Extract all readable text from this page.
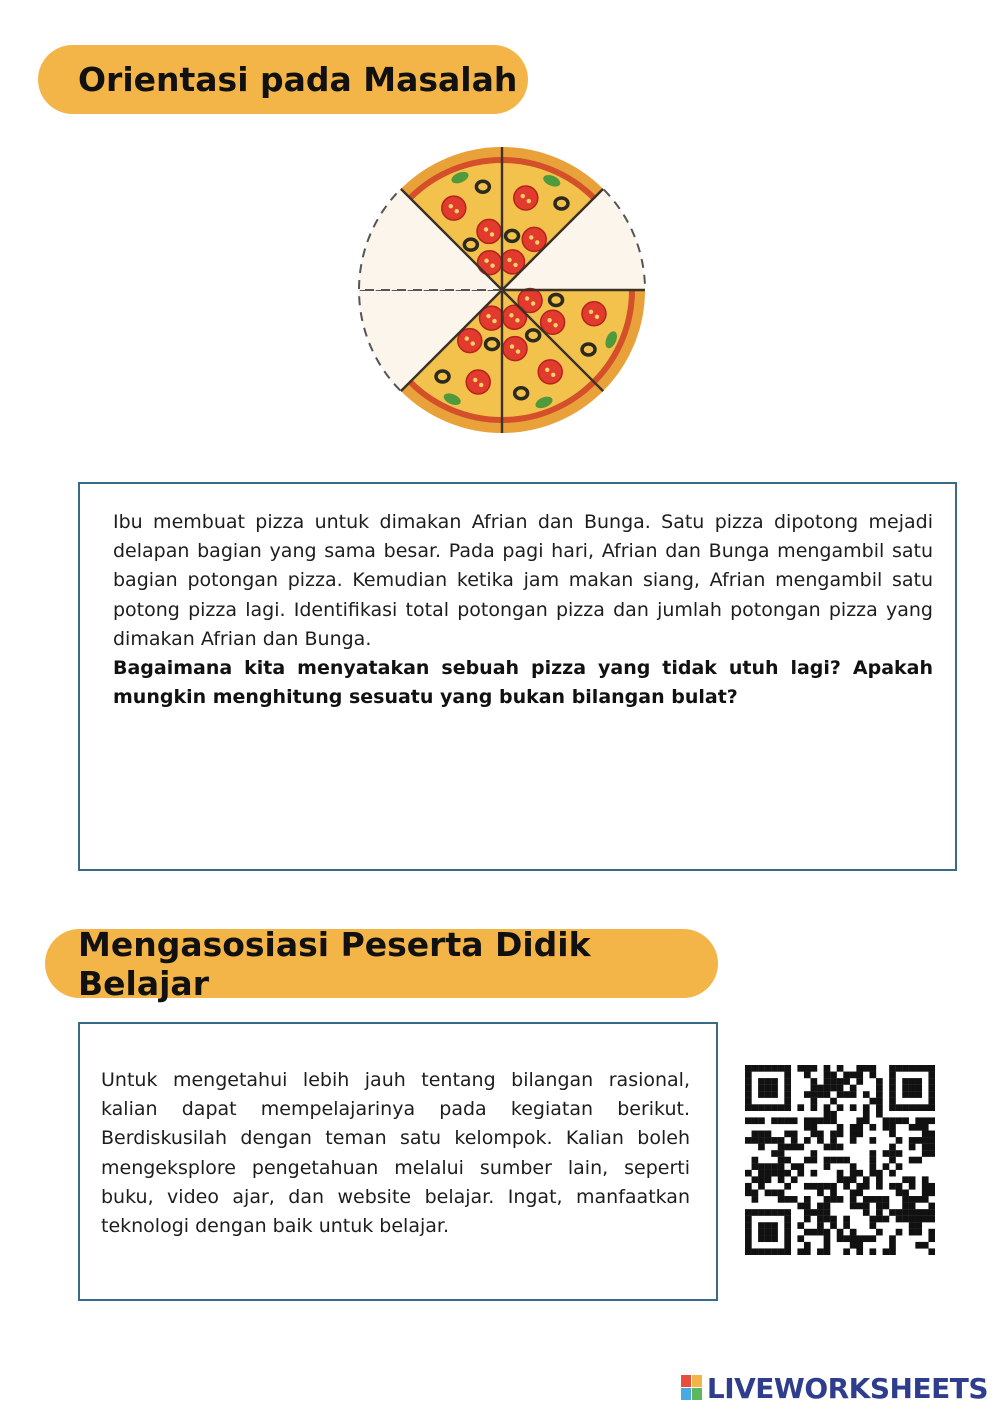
Orientasi pada Masalah

Ibu membuat pizza untuk dimakan Afrian dan Bunga. Satu pizza dipotong mejadi delapan bagian yang sama besar. Pada pagi hari, Afrian dan Bunga mengambil satu bagian potongan pizza. Kemudian ketika jam makan siang, Afrian mengambil satu potong pizza lagi. Identifikasi total potongan pizza dan jumlah potongan pizza yang dimakan Afrian dan Bunga.

Bagaimana kita menyatakan sebuah pizza yang tidak utuh lagi? Apakah mungkin menghitung sesuatu yang bukan bilangan bulat?

Mengasosiasi Peserta Didik Belajar

Untuk mengetahui lebih jauh tentang bilangan rasional, kalian dapat mempelajarinya pada kegiatan berikut. Berdiskusilah dengan teman satu kelompok. Kalian boleh mengeksplore pengetahuan melalui sumber lain, seperti buku, video ajar, dan website belajar. Ingat, manfaatkan teknologi dengan baik untuk belajar.

LIVEWORKSHEETS
